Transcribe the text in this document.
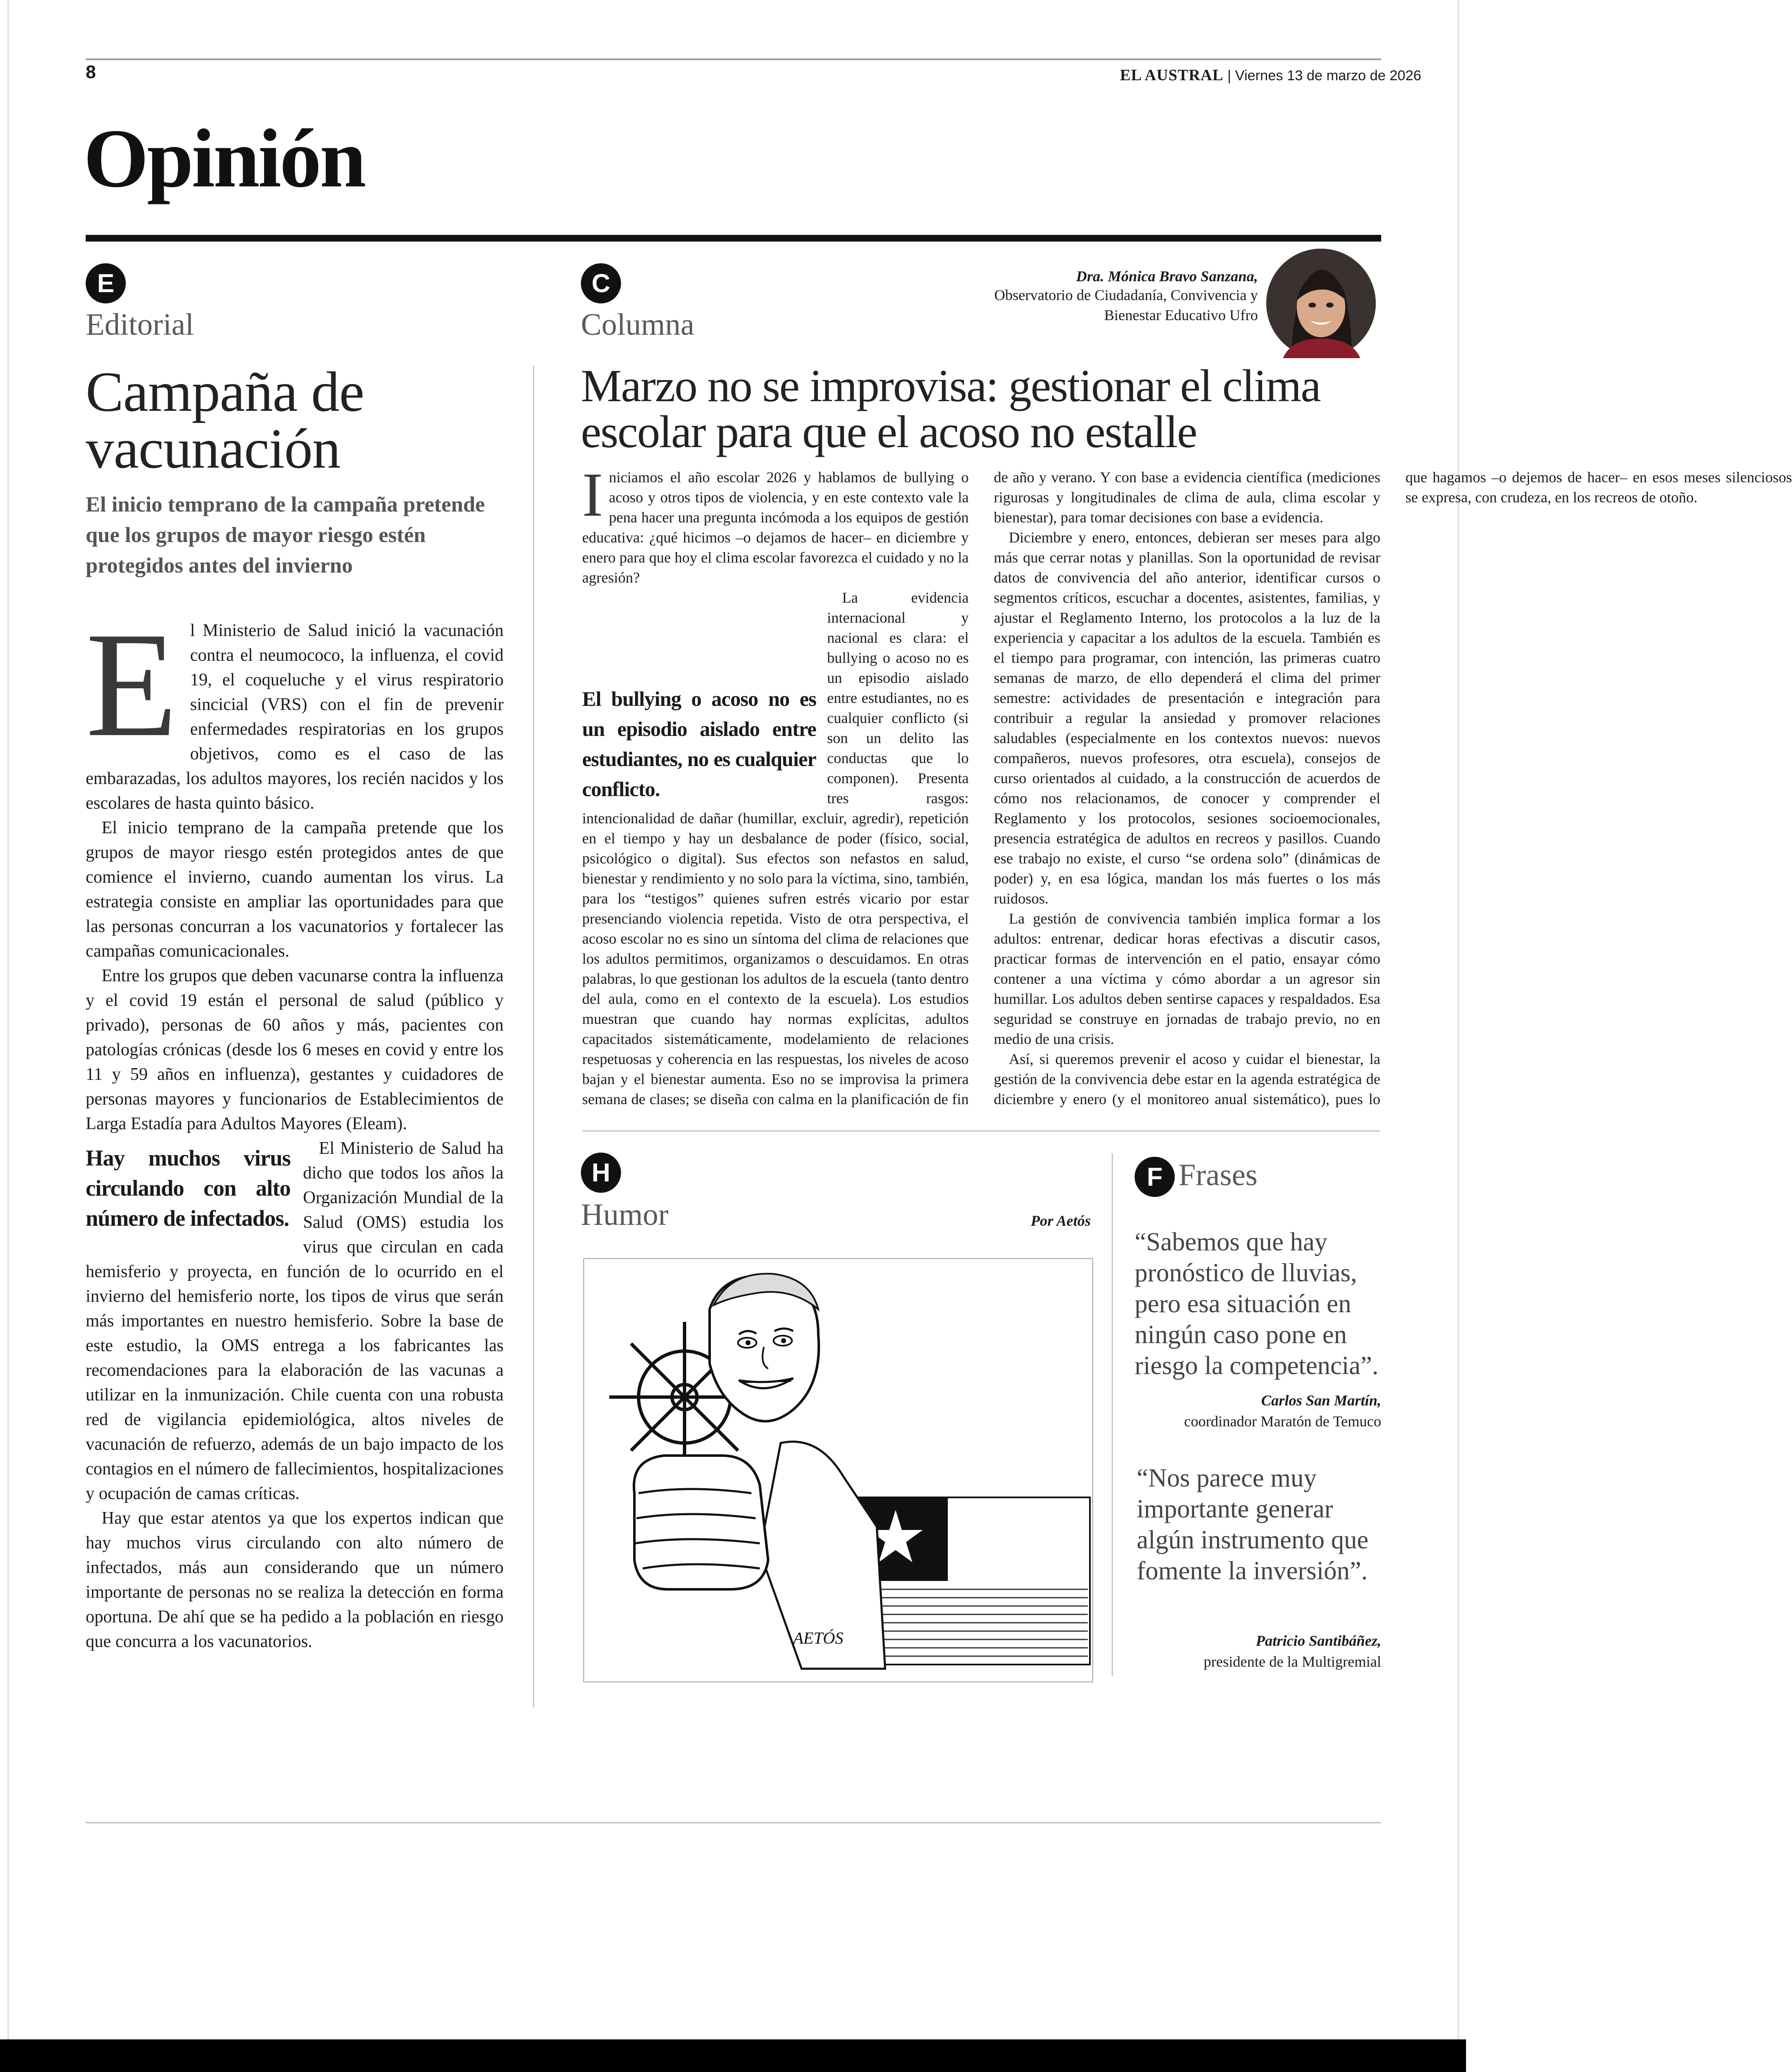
8	EL AUSTRAL | Viernes 13 de marzo de 2026
Opinión
E
Editorial
Campaña de
vacunación
El inicio temprano de la campaña pretende que los grupos de mayor riesgo estén protegidos antes del invierno

El Ministerio de Salud inició la vacunación contra el neumococo, la influenza, el covid 19, el coqueluche y el virus respiratorio sincicial (VRS) con el fin de prevenir enfermedades respiratorias en los grupos objetivos, como es el caso de las embarazadas, los adultos mayores, los recién nacidos y los escolares de hasta quinto básico.

El inicio temprano de la campaña pretende que los grupos de mayor riesgo estén protegidos antes de que comience el invierno, cuando aumentan los virus. La estrategia consiste en ampliar las oportunidades para que las personas concurran a los vacunatorios y fortalecer las campañas comunicacionales.

Entre los grupos que deben vacunarse contra la influenza y el covid 19 están el personal de salud (público y privado), personas de 60 años y más, pacientes con patologías crónicas (desde los 6 meses en covid y entre los 11 y 59 años en influenza), gestantes y cuidadores de personas mayores y funcionarios de Establecimientos de Larga Estadía para Adultos Mayores (Eleam).

Hay muchos virus circulando con alto número de infectados.

El Ministerio de Salud ha dicho que todos los años la Organización Mundial de la Salud (OMS) estudia los virus que circulan en cada hemisferio y proyecta, en función de lo ocurrido en el invierno del hemisferio norte, los tipos de virus que serán más importantes en nuestro hemisferio. Sobre la base de este estudio, la OMS entrega a los fabricantes las recomendaciones para la elaboración de las vacunas a utilizar en la inmunización. Chile cuenta con una robusta red de vigilancia epidemiológica, altos niveles de vacunación de refuerzo, además de un bajo impacto de los contagios en el número de fallecimientos, hospitalizaciones y ocupación de camas críticas.

Hay que estar atentos ya que los expertos indican que hay muchos virus circulando con alto número de infectados, más aun considerando que un número importante de personas no se realiza la detección en forma oportuna. De ahí que se ha pedido a la población en riesgo que concurra a los vacunatorios.

C
Columna
Dra. Mónica Bravo Sanzana,
Observatorio de Ciudadanía, Convivencia y
Bienestar Educativo Ufro
Marzo no se improvisa: gestionar el clima
escolar para que el acoso no estalle

Iniciamos el año escolar 2026 y hablamos de bullying o acoso y otros tipos de violencia, y en este contexto vale la pena hacer una pregunta incómoda a los equipos de gestión educativa: ¿qué hicimos –o dejamos de hacer– en diciembre y enero para que hoy el clima escolar favorezca el cuidado y no la agresión?

El bullying o acoso no es un episodio aislado entre estudiantes, no es cualquier conflicto.

La evidencia internacional y nacional es clara: el bullying o acoso no es un episodio aislado entre estudiantes, no es cualquier conflicto (si son un delito las conductas que lo componen). Presenta tres rasgos: intencionalidad de dañar (humillar, excluir, agredir), repetición en el tiempo y hay un desbalance de poder (físico, social, psicológico o digital). Sus efectos son nefastos en salud, bienestar y rendimiento y no solo para la víctima, sino, también, para los “testigos” quienes sufren estrés vicario por estar presenciando violencia repetida. Visto de otra perspectiva, el acoso escolar no es sino un síntoma del clima de relaciones que los adultos permitimos, organizamos o descuidamos. En otras palabras, lo que gestionan los adultos de la escuela (tanto dentro del aula, como en el contexto de la escuela). Los estudios muestran que cuando hay normas explícitas, adultos capacitados sistemáticamente, modelamiento de relaciones respetuosas y coherencia en las respuestas, los niveles de acoso bajan y el bienestar aumenta. Eso no se improvisa la primera semana de clases; se diseña con calma en la planificación de fin de año y verano. Y con base a evidencia científica (mediciones rigurosas y longitudinales de clima de aula, clima escolar y bienestar), para tomar decisiones con base a evidencia.

Diciembre y enero, entonces, debieran ser meses para algo más que cerrar notas y planillas. Son la oportunidad de revisar datos de convivencia del año anterior, identificar cursos o segmentos críticos, escuchar a docentes, asistentes, familias, y ajustar el Reglamento Interno, los protocolos a la luz de la experiencia y capacitar a los adultos de la escuela. También es el tiempo para programar, con intención, las primeras cuatro semanas de marzo, de ello dependerá el clima del primer semestre: actividades de presentación e integración para contribuir a regular la ansiedad y promover relaciones saludables (especialmente en los contextos nuevos: nuevos compañeros, nuevos profesores, otra escuela), consejos de curso orientados al cuidado, a la construcción de acuerdos de cómo nos relacionamos, de conocer y comprender el Reglamento y los protocolos, sesiones socioemocionales, presencia estratégica de adultos en recreos y pasillos. Cuando ese trabajo no existe, el curso “se ordena solo” (dinámicas de poder) y, en esa lógica, mandan los más fuertes o los más ruidosos.

La gestión de convivencia también implica formar a los adultos: entrenar, dedicar horas efectivas a discutir casos, practicar formas de intervención en el patio, ensayar cómo contener a una víctima y cómo abordar a un agresor sin humillar. Los adultos deben sentirse capaces y respaldados. Esa seguridad se construye en jornadas de trabajo previo, no en medio de una crisis.

Así, si queremos prevenir el acoso y cuidar el bienestar, la gestión de la convivencia debe estar en la agenda estratégica de diciembre y enero (y el monitoreo anual sistemático), pues lo que hagamos –o dejemos de hacer– en esos meses silenciosos se expresa, con crudeza, en los recreos de otoño.

H
Humor	Por Aetós
AETÓS
F Frases
“Sabemos que hay pronóstico de lluvias, pero esa situación en ningún caso pone en riesgo la competencia”.
Carlos San Martín,
coordinador Maratón de Temuco
“Nos parece muy importante generar algún instrumento que fomente la inversión”.
Patricio Santibáñez,
presidente de la Multigremial
